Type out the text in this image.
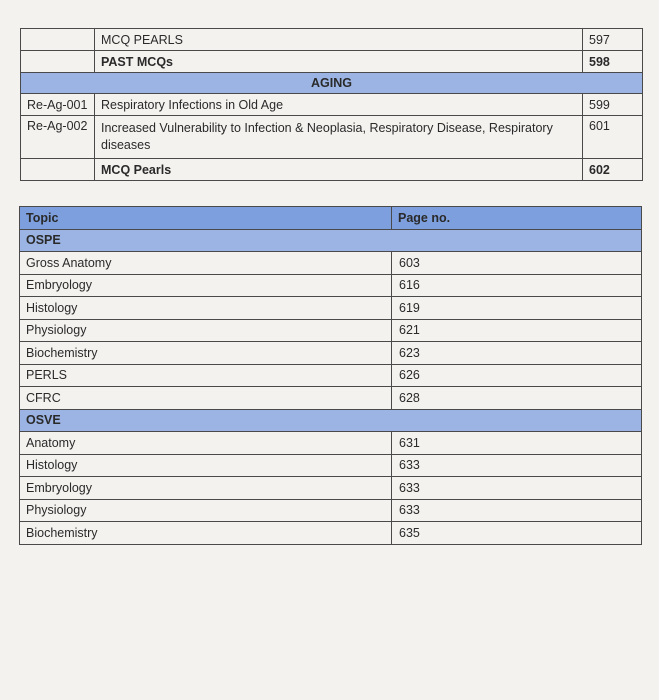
	MCQ PEARLS	597
	PAST MCQs	598
AGING		
Re-Ag-001	Respiratory Infections in Old Age	599
Re-Ag-002	Increased Vulnerability to Infection & Neoplasia, Respiratory Disease, Respiratory diseases	601
	MCQ Pearls	602
Topic	Page no.
OSPE	
Gross Anatomy	603
Embryology	616
Histology	619
Physiology	621
Biochemistry	623
PERLS	626
CFRC	628
OSVE	
Anatomy	631
Histology	633
Embryology	633
Physiology	633
Biochemistry	635
